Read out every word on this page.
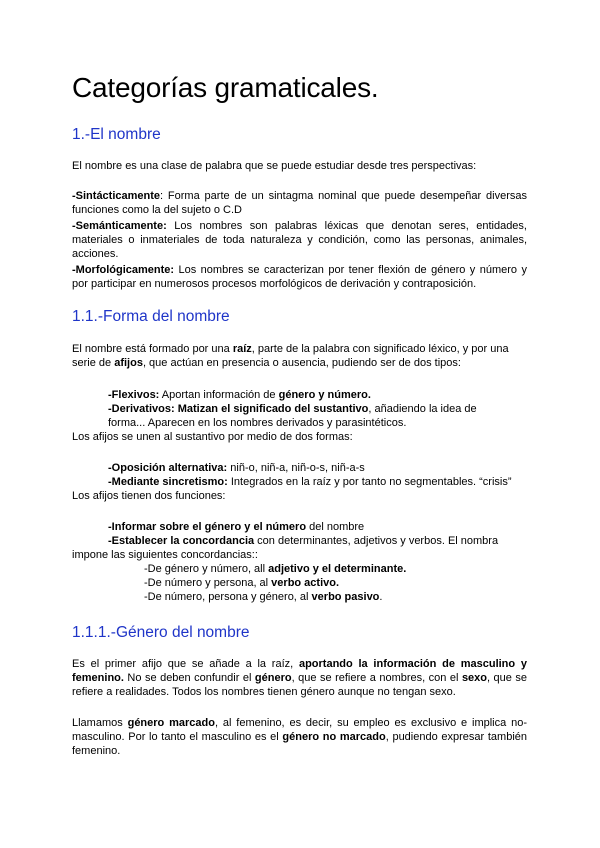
Categorías gramaticales.
1.-El nombre

El nombre es una clase de palabra que se puede estudiar desde tres perspectivas:

-Sintácticamente: Forma parte de un sintagma nominal que puede desempeñar diversas funciones como la del sujeto o C.D

-Semánticamente: Los nombres son palabras léxicas que denotan seres, entidades, materiales o inmateriales de toda naturaleza y condición, como las personas, animales, acciones.

-Morfológicamente: Los nombres se caracterizan por tener flexión de género y número y por participar en numerosos procesos morfológicos de derivación y contraposición.

1.1.-Forma del nombre

El nombre está formado por una raíz, parte de la palabra con significado léxico, y por una serie de afijos, que actúan en presencia o ausencia, pudiendo ser de dos tipos:

-Flexivos: Aportan información de género y número.
-Derivativos: Matizan el significado del sustantivo, añadiendo la idea de
forma... Aparecen en los nombres derivados y parasintéticos.
Los afijos se unen al sustantivo por medio de dos formas:
-Oposición alternativa: niñ-o, niñ-a, niñ-o-s, niñ-a-s
-Mediante sincretismo: Integrados en la raíz y por tanto no segmentables. “crisis”
Los afijos tienen dos funciones:
-Informar sobre el género y el número del nombre
-Establecer la concordancia con determinantes, adjetivos y verbos. El nombra
impone las siguientes concordancias::
-De género y número, all adjetivo y el determinante.
-De número y persona, al verbo activo.
-De número, persona y género, al verbo pasivo.
1.1.1.-Género del nombre

Es el primer afijo que se añade a la raíz, aportando la información de masculino y femenino. No se deben confundir el género, que se refiere a nombres, con el sexo, que se refiere a realidades. Todos los nombres tienen género aunque no tengan sexo.

Llamamos género marcado, al femenino, es decir, su empleo es exclusivo e implica no-masculino. Por lo tanto el masculino es el género no marcado, pudiendo expresar también femenino.
